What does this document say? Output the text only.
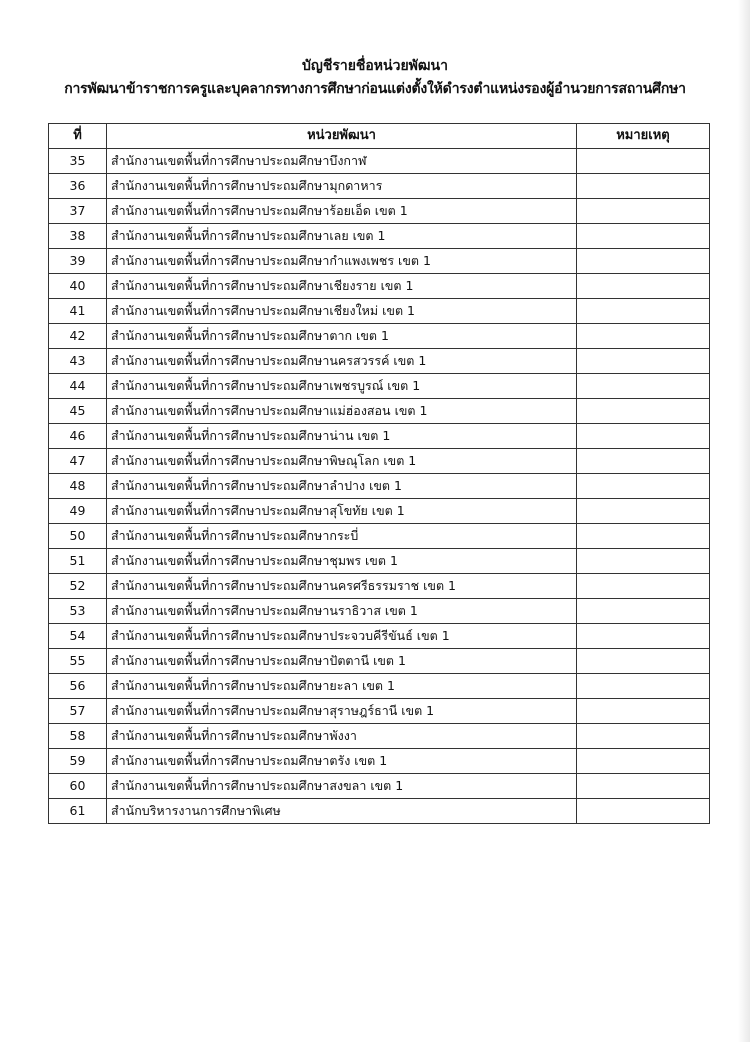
บัญชีรายชื่อหน่วยพัฒนา
การพัฒนาข้าราชการครูและบุคลากรทางการศึกษาก่อนแต่งตั้งให้ดำรงตำแหน่งรองผู้อำนวยการสถานศึกษา
ที่	หน่วยพัฒนา	หมายเหตุ
35	สำนักงานเขตพื้นที่การศึกษาประถมศึกษาบึงกาฬ	
36	สำนักงานเขตพื้นที่การศึกษาประถมศึกษามุกดาหาร	
37	สำนักงานเขตพื้นที่การศึกษาประถมศึกษาร้อยเอ็ด เขต 1	
38	สำนักงานเขตพื้นที่การศึกษาประถมศึกษาเลย เขต 1	
39	สำนักงานเขตพื้นที่การศึกษาประถมศึกษากำแพงเพชร เขต 1	
40	สำนักงานเขตพื้นที่การศึกษาประถมศึกษาเชียงราย เขต 1	
41	สำนักงานเขตพื้นที่การศึกษาประถมศึกษาเชียงใหม่ เขต 1	
42	สำนักงานเขตพื้นที่การศึกษาประถมศึกษาตาก เขต 1	
43	สำนักงานเขตพื้นที่การศึกษาประถมศึกษานครสวรรค์ เขต 1	
44	สำนักงานเขตพื้นที่การศึกษาประถมศึกษาเพชรบูรณ์ เขต 1	
45	สำนักงานเขตพื้นที่การศึกษาประถมศึกษาแม่ฮ่องสอน เขต 1	
46	สำนักงานเขตพื้นที่การศึกษาประถมศึกษาน่าน เขต 1	
47	สำนักงานเขตพื้นที่การศึกษาประถมศึกษาพิษณุโลก เขต 1	
48	สำนักงานเขตพื้นที่การศึกษาประถมศึกษาลำปาง เขต 1	
49	สำนักงานเขตพื้นที่การศึกษาประถมศึกษาสุโขทัย เขต 1	
50	สำนักงานเขตพื้นที่การศึกษาประถมศึกษากระบี่	
51	สำนักงานเขตพื้นที่การศึกษาประถมศึกษาชุมพร เขต 1	
52	สำนักงานเขตพื้นที่การศึกษาประถมศึกษานครศรีธรรมราช เขต 1	
53	สำนักงานเขตพื้นที่การศึกษาประถมศึกษานราธิวาส เขต 1	
54	สำนักงานเขตพื้นที่การศึกษาประถมศึกษาประจวบคีรีขันธ์ เขต 1	
55	สำนักงานเขตพื้นที่การศึกษาประถมศึกษาปัตตานี เขต 1	
56	สำนักงานเขตพื้นที่การศึกษาประถมศึกษายะลา เขต 1	
57	สำนักงานเขตพื้นที่การศึกษาประถมศึกษาสุราษฎร์ธานี เขต 1	
58	สำนักงานเขตพื้นที่การศึกษาประถมศึกษาพังงา	
59	สำนักงานเขตพื้นที่การศึกษาประถมศึกษาตรัง เขต 1	
60	สำนักงานเขตพื้นที่การศึกษาประถมศึกษาสงขลา เขต 1	
61	สำนักบริหารงานการศึกษาพิเศษ	
